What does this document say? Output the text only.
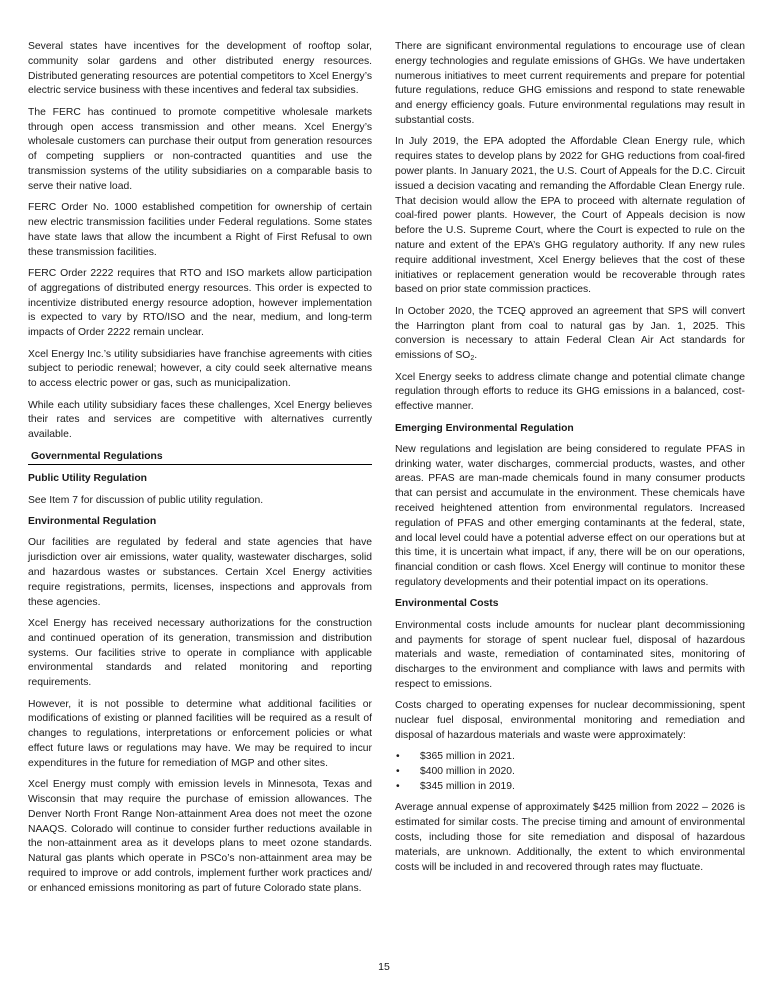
Several states have incentives for the development of rooftop solar, community solar gardens and other distributed energy resources. Distributed generating resources are potential competitors to Xcel Energy’s electric service business with these incentives and federal tax subsidies.

The FERC has continued to promote competitive wholesale markets through open access transmission and other means. Xcel Energy’s wholesale customers can purchase their output from generation resources of competing suppliers or non-contracted quantities and use the transmission systems of the utility subsidiaries on a comparable basis to serve their native load.

FERC Order No. 1000 established competition for ownership of certain new electric transmission facilities under Federal regulations. Some states have state laws that allow the incumbent a Right of First Refusal to own these transmission facilities.

FERC Order 2222 requires that RTO and ISO markets allow participation of aggregations of distributed energy resources. This order is expected to incentivize distributed energy resource adoption, however implementation is expected to vary by RTO/ISO and the near, medium, and long-term impacts of Order 2222 remain unclear.

Xcel Energy Inc.’s utility subsidiaries have franchise agreements with cities subject to periodic renewal; however, a city could seek alternative means to access electric power or gas, such as municipalization.

While each utility subsidiary faces these challenges, Xcel Energy believes their rates and services are competitive with alternatives currently available.

Governmental Regulations
Public Utility Regulation

See Item 7 for discussion of public utility regulation.

Environmental Regulation

Our facilities are regulated by federal and state agencies that have jurisdiction over air emissions, water quality, wastewater discharges, solid and hazardous wastes or substances. Certain Xcel Energy activities require registrations, permits, licenses, inspections and approvals from these agencies.

Xcel Energy has received necessary authorizations for the construction and continued operation of its generation, transmission and distribution systems. Our facilities strive to operate in compliance with applicable environmental standards and related monitoring and reporting requirements.

However, it is not possible to determine what additional facilities or modifications of existing or planned facilities will be required as a result of changes to regulations, interpretations or enforcement policies or what effect future laws or regulations may have. We may be required to incur expenditures in the future for remediation of MGP and other sites.

Xcel Energy must comply with emission levels in Minnesota, Texas and Wisconsin that may require the purchase of emission allowances. The Denver North Front Range Non-attainment Area does not meet the ozone NAAQS. Colorado will continue to consider further reductions available in the non-attainment area as it develops plans to meet ozone standards. Natural gas plants which operate in PSCo’s non-attainment area may be required to improve or add controls, implement further work practices and/ or enhanced emissions monitoring as part of future Colorado state plans.

There are significant environmental regulations to encourage use of clean energy technologies and regulate emissions of GHGs. We have undertaken numerous initiatives to meet current requirements and prepare for potential future regulations, reduce GHG emissions and respond to state renewable and energy efficiency goals. Future environmental regulations may result in substantial costs.

In July 2019, the EPA adopted the Affordable Clean Energy rule, which requires states to develop plans by 2022 for GHG reductions from coal-fired power plants. In January 2021, the U.S. Court of Appeals for the D.C. Circuit issued a decision vacating and remanding the Affordable Clean Energy rule. That decision would allow the EPA to proceed with alternate regulation of coal-fired power plants. However, the Court of Appeals decision is now before the U.S. Supreme Court, where the Court is expected to rule on the nature and extent of the EPA’s GHG regulatory authority. If any new rules require additional investment, Xcel Energy believes that the cost of these initiatives or replacement generation would be recoverable through rates based on prior state commission practices.

In October 2020, the TCEQ approved an agreement that SPS will convert the Harrington plant from coal to natural gas by Jan. 1, 2025. This conversion is necessary to attain Federal Clean Air Act standards for emissions of $SO_2$.

Xcel Energy seeks to address climate change and potential climate change regulation through efforts to reduce its GHG emissions in a balanced, cost-effective manner.

Emerging Environmental Regulation

New regulations and legislation are being considered to regulate PFAS in drinking water, water discharges, commercial products, wastes, and other areas. PFAS are man-made chemicals found in many consumer products that can persist and accumulate in the environment. These chemicals have received heightened attention from environmental regulators. Increased regulation of PFAS and other emerging contaminants at the federal, state, and local level could have a potential adverse effect on our operations but at this time, it is uncertain what impact, if any, there will be on our operations, financial condition or cash flows. Xcel Energy will continue to monitor these regulatory developments and their potential impact on its operations.

Environmental Costs

Environmental costs include amounts for nuclear plant decommissioning and payments for storage of spent nuclear fuel, disposal of hazardous materials and waste, remediation of contaminated sites, monitoring of discharges to the environment and compliance with laws and permits with respect to emissions.

Costs charged to operating expenses for nuclear decommissioning, spent nuclear fuel disposal, environmental monitoring and remediation and disposal of hazardous materials and waste were approximately:

• $365 million in 2021.
• $400 million in 2020.
• $345 million in 2019.

Average annual expense of approximately $425 million from 2022 – 2026 is estimated for similar costs. The precise timing and amount of environmental costs, including those for site remediation and disposal of hazardous materials, are unknown. Additionally, the extent to which environmental costs will be included in and recovered through rates may fluctuate.

15
